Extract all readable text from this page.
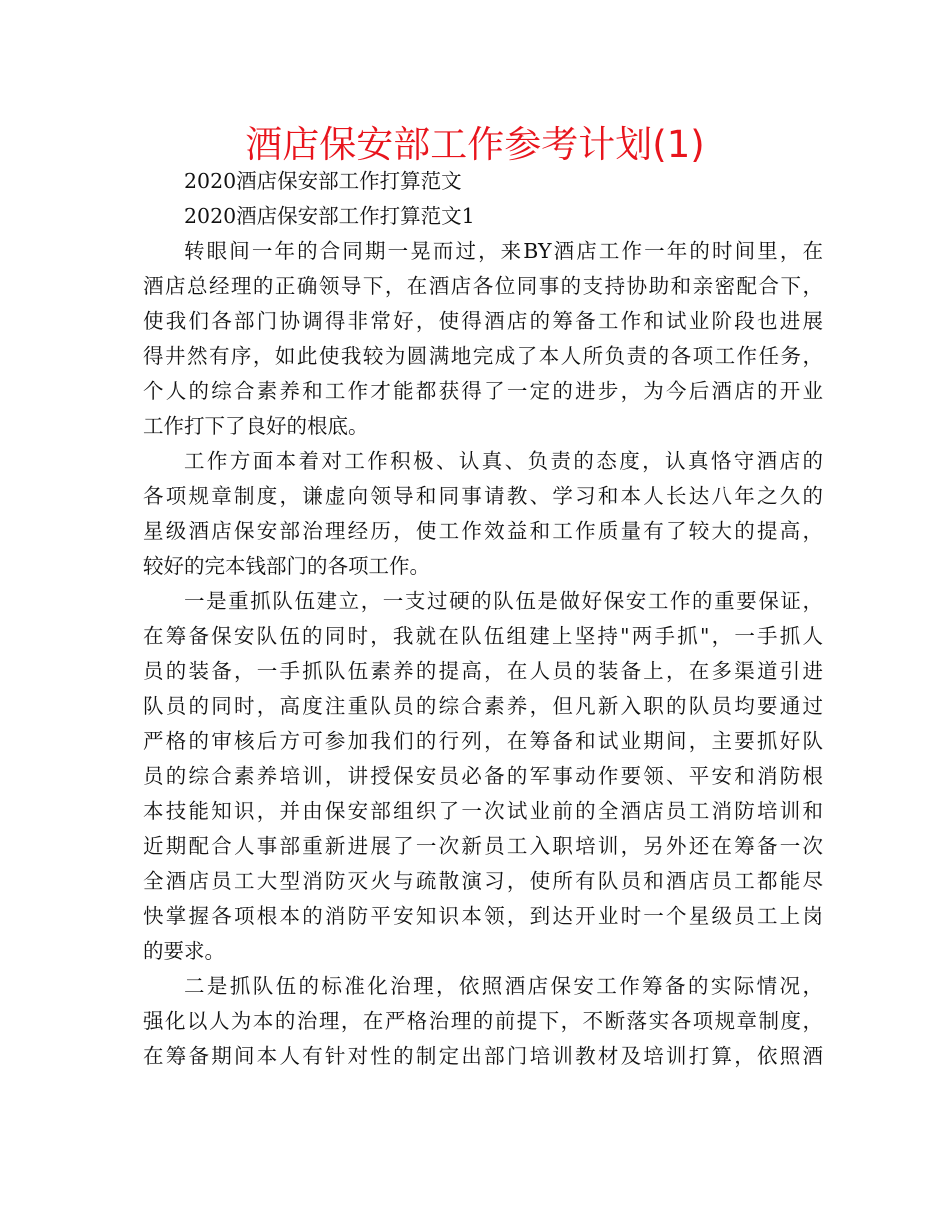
酒店保安部工作参考计划(1)
2020酒店保安部工作打算范文
2020酒店保安部工作打算范文1
转眼间一年的合同期一晃而过，来BY酒店工作一年的时间里，在
酒店总经理的正确领导下，在酒店各位同事的支持协助和亲密配合下，
使我们各部门协调得非常好，使得酒店的筹备工作和试业阶段也进展
得井然有序，如此使我较为圆满地完成了本人所负责的各项工作任务，
个人的综合素养和工作才能都获得了一定的进步，为今后酒店的开业
工作打下了良好的根底。
工作方面本着对工作积极、认真、负责的态度，认真恪守酒店的
各项规章制度，谦虚向领导和同事请教、学习和本人长达八年之久的
星级酒店保安部治理经历，使工作效益和工作质量有了较大的提高，
较好的完本钱部门的各项工作。
一是重抓队伍建立，一支过硬的队伍是做好保安工作的重要保证，
在筹备保安队伍的同时，我就在队伍组建上坚持"两手抓"，一手抓人
员的装备，一手抓队伍素养的提高，在人员的装备上，在多渠道引进
队员的同时，高度注重队员的综合素养，但凡新入职的队员均要通过
严格的审核后方可参加我们的行列，在筹备和试业期间，主要抓好队
员的综合素养培训，讲授保安员必备的军事动作要领、平安和消防根
本技能知识，并由保安部组织了一次试业前的全酒店员工消防培训和
近期配合人事部重新进展了一次新员工入职培训，另外还在筹备一次
全酒店员工大型消防灭火与疏散演习，使所有队员和酒店员工都能尽
快掌握各项根本的消防平安知识本领，到达开业时一个星级员工上岗
的要求。
二是抓队伍的标准化治理，依照酒店保安工作筹备的实际情况，
强化以人为本的治理，在严格治理的前提下，不断落实各项规章制度，
在筹备期间本人有针对性的制定出部门培训教材及培训打算，依照酒
